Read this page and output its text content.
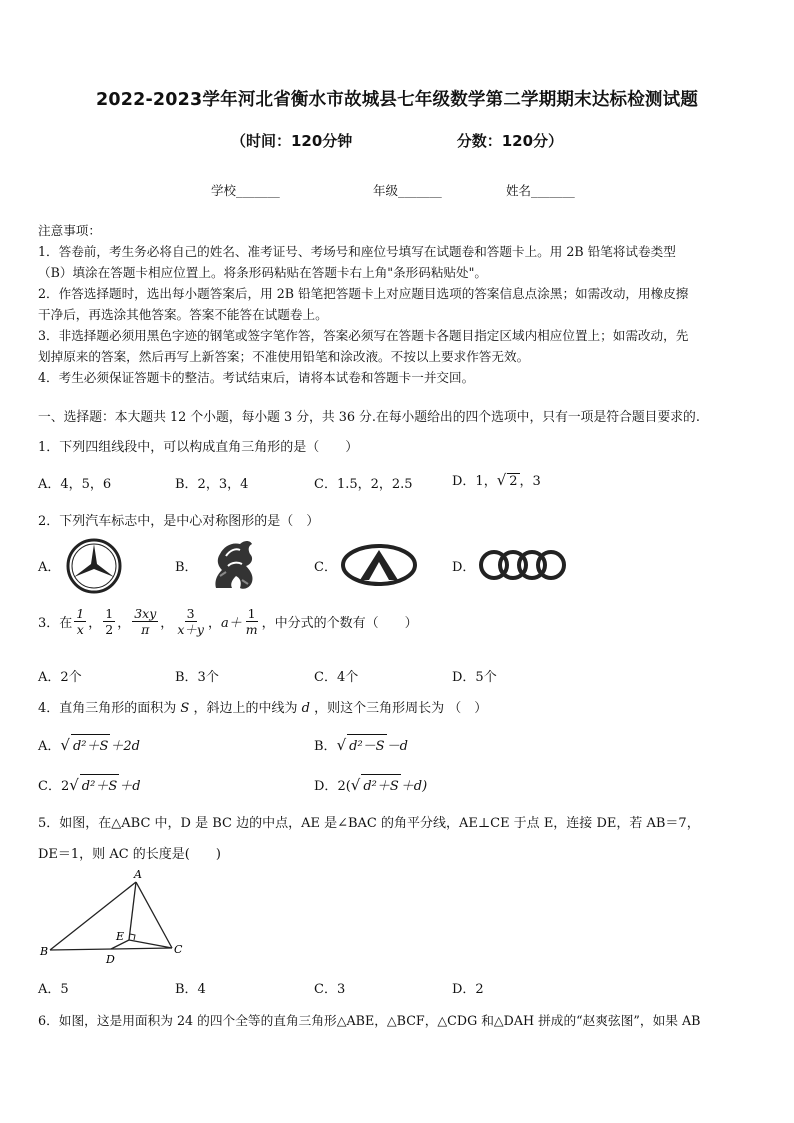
2022-2023学年河北省衡水市故城县七年级数学第二学期期末达标检测试题
（时间：120分钟                    分数：120分）
学校_______	年级_______	姓名_______
注意事项：
1．答卷前，考生务必将自己的姓名、准考证号、考场号和座位号填写在试题卷和答题卡上。用 2B 铅笔将试卷类型
（B）填涂在答题卡相应位置上。将条形码粘贴在答题卡右上角"条形码粘贴处"。
2．作答选择题时，选出每小题答案后，用 2B 铅笔把答题卡上对应题目选项的答案信息点涂黑；如需改动，用橡皮擦
干净后，再选涂其他答案。答案不能答在试题卷上。
3．非选择题必须用黑色字迹的钢笔或签字笔作答，答案必须写在答题卡各题目指定区域内相应位置上；如需改动，先
划掉原来的答案，然后再写上新答案；不准使用铅笔和涂改液。不按以上要求作答无效。
4．考生必须保证答题卡的整洁。考试结束后，请将本试卷和答题卡一并交回。
一、选择题：本大题共 12 个小题，每小题 3 分，共 36 分.在每小题给出的四个选项中，只有一项是符合题目要求的.
1．下列四组线段中，可以构成直角三角形的是（　　）
A．4，5，6	B．2，3，4	C．1.5，2，2.5	D．1，√ 2 ，3
2．下列汽车标志中，是中心对称图形的是（　）
A．	B．	C．	D．
3．在 $\frac{1}{x}$ ， $\frac{1}{2}$ ， $\frac{3xy}{\pi}$ ， $\frac{3}{x+y}$ ， $a+ \frac{1}{m}$ ，中分式的个数有（　　）
A．2个	B．3个	C．4个	D．5个
4．直角三角形的面积为 S ，斜边上的中线为 d ，则这个三角形周长为 （　）
A．√ d²＋S ＋2d	B．√ d²－S －d
C．2√ d²＋S ＋d	D．2(√ d²＋S ＋d)
5．如图，在△ABC 中，D 是 BC 边的中点，AE 是∠BAC 的角平分线，AE⊥CE 于点 E，连接 DE，若 AB＝7，
DE＝1，则 AC 的长度是(　　)
A
B	C
D
E
A．5	B．4	C．3	D．2
6．如图，这是用面积为 24 的四个全等的直角三角形△ABE，△BCF，△CDG 和△DAH 拼成的“赵爽弦图”，如果 AB
